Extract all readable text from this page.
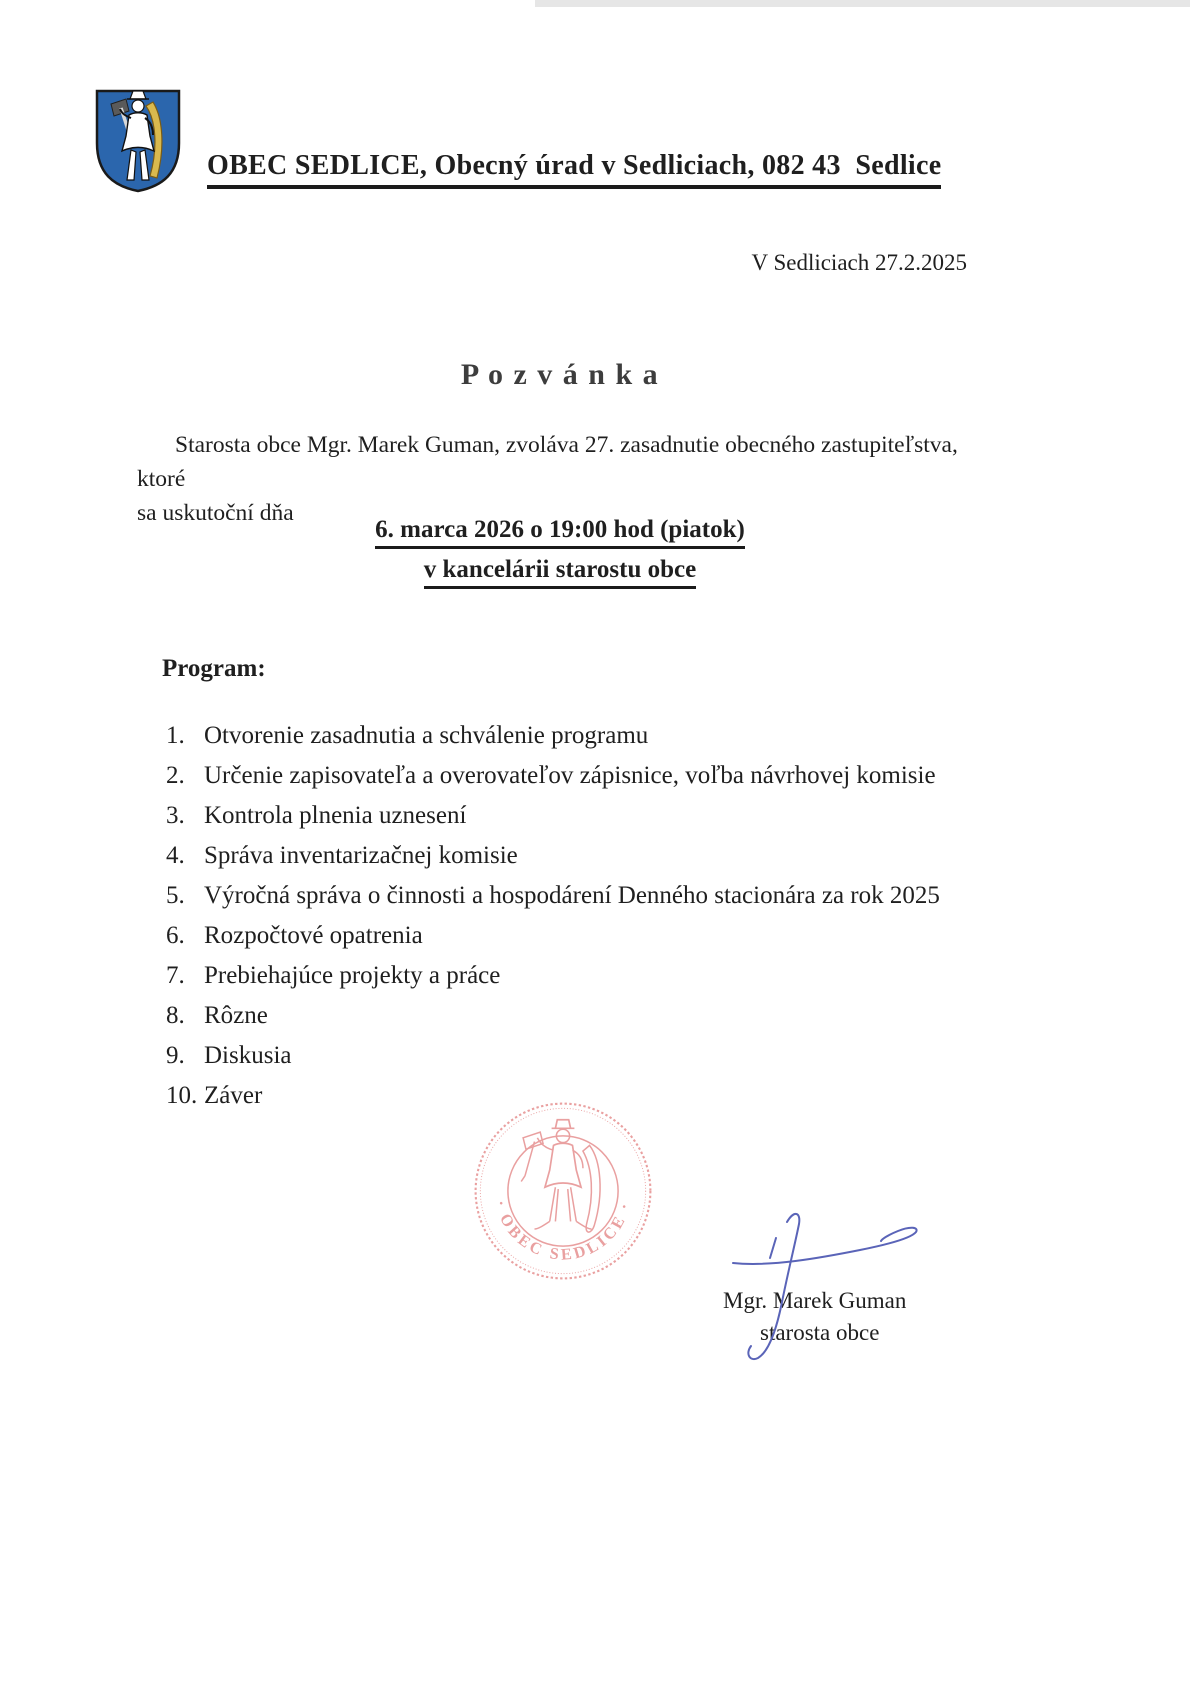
OBEC SEDLICE, Obecný úrad v Sedliciach, 082 43  Sedlice
V Sedliciach 27.2.2025
P o z v á n k a
Starosta obce Mgr. Marek Guman, zvoláva 27. zasadnutie obecného zastupiteľstva, ktoré
sa uskutoční dňa
6. marca 2026 o 19:00 hod (piatok)
v kancelárii starostu obce
Program:
1. Otvorenie zasadnutia a schválenie programu
2. Určenie zapisovateľa a overovateľov zápisnice, voľba návrhovej komisie
3. Kontrola plnenia uznesení
4. Správa inventarizačnej komisie
5. Výročná správa o činnosti a hospodárení Denného stacionára za rok 2025
6. Rozpočtové opatrenia
7. Prebiehajúce projekty a práce
8. Rôzne
9. Diskusia
10. Záver
· OBEC SEDLICE ·
Mgr. Marek Guman
starosta obce
